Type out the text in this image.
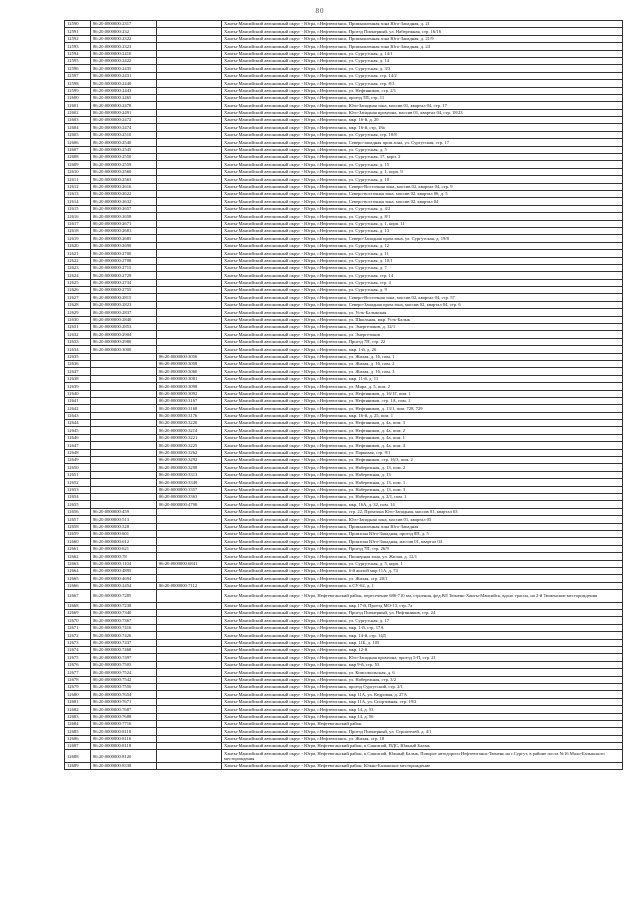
80
12590	86:20:0000000:2317		Ханты-Мансийский автономный округ - Югра, г.Нефтеюганск, Промышленная зона Юго-Западная, д. 21
12591	86:20:0000000:232		Ханты-Мансийский автономный округ - Югра, г.Нефтеюганск, Проезд Пионерный, ул. Набережная, стр. 16/16
12592	86:20:0000000:2322		Ханты-Мансийский автономный округ - Югра, г.Нефтеюганск, Промышленная зона Юго-Западная, д. 21/9
12593	86:20:0000000:2323		Ханты-Мансийский автономный округ - Югра, г.Нефтеюганск, Промышленная зона Юго-Западная, д. 24
12594	86:20:0000000:2410		Ханты-Мансийский автономный округ - Югра, г.Нефтеюганск, ул. Сургутская, д. 14/1
12595	86:20:0000000:2422		Ханты-Мансийский автономный округ - Югра, г.Нефтеюганск, ул. Сургутская, д. 14
12596	86:20:0000000:2435		Ханты-Мансийский автономный округ - Югра, г.Нефтеюганск, ул. Сургутская, д. 3/3
12597	86:20:0000000:2431		Ханты-Мансийский автономный округ - Югра, г.Нефтеюганск, ул. Сургутская, стр. 14/2
12598	86:20:0000000:2440		Ханты-Мансийский автономный округ - Югра, г.Нефтеюганск, ул. Сургутская, стр. 8/3
12599	86:20:0000000:2443		Ханты-Мансийский автономный округ - Югра, г.Нефтеюганск, ул. Нефтяников, стр. 2/1
12600	86:20:0000000:2465		Ханты-Мансийский автономный округ - Югра, г.Нефтеюганск, проезд 5П, стр. 11
12601	86:20:0000000:2478		Ханты-Мансийский автономный округ - Югра, г.Нефтеюганск, Юго-Западная зона, массив 01, квартал 04, стр. 17
12602	86:20:0000000:2491		Ханты-Мансийский автономный округ - Югра, г.Нефтеюганск, Юго-Западная промзона, массив 01, квартал 04, стр. 18/23
12603	86:20:0000000:2472		Ханты-Мансийский автономный округ - Югра, г.Нефтеюганск, мкр. 16-й, д. 20
12604	86:20:0000000:2474		Ханты-Мансийский автономный округ - Югра, г.Нефтеюганск, мкр. 16-й, стр. 18а
12605	86:20:0000000:2510		Ханты-Мансийский автономный округ - Югра, г.Нефтеюганск, ул. Сургутская, стр. 10/8
12606	86:20:0000000:2540		Ханты-Мансийский автономный округ - Югра, г.Нефтеюганск, Северо-западная пром.зона, ул. Сургутская, стр. 17
12607	86:20:0000000:2545		Ханты-Мансийский автономный округ - Югра, г.Нефтеюганск, ул. Сургутская, д. 5
12608	86:20:0000000:2550		Ханты-Мансийский автономный округ - Югра, г.Нефтеюганск, ул. Сургутская, 17, корп. 2
12609	86:20:0000000:2559		Ханты-Мансийский автономный округ - Югра, г.Нефтеюганск, ул. Сургутская, д. 15
12610	86:20:0000000:2560		Ханты-Мансийский автономный округ - Югра, г.Нефтеюганск, ул. Сургутская, д. 1, корп. 9
12611	86:20:0000000:2563		Ханты-Мансийский автономный округ - Югра, г.Нефтеюганск, ул. Сургутская, д. 10
12612	86:20:0000000:2616		Ханты-Мансийский автономный округ - Югра, г.Нефтеюганск, Северо-Восточная зона, массив 02, квартал 04, стр. 9
12613	86:20:0000000:2622		Ханты-Мансийский автономный округ - Югра, г.Нефтеюганск, Северо-восточная зона, массив 02, квартал 06, д. 5
12614	86:20:0000000:2632		Ханты-Мансийский автономный округ - Югра, г.Нефтеюганск, Северо-восточная зона, массив 02, квартал 04
12615	86:20:0000000:2657		Ханты-Мансийский автономный округ - Югра, г.Нефтеюганск, ул. Сургутская, д. 4/2
12616	86:20:0000000:2658		Ханты-Мансийский автономный округ - Югра, г.Нефтеюганск, ул. Сургутская, д. 8/1
12617	86:20:0000000:2671		Ханты-Мансийский автономный округ - Югра, г.Нефтеюганск, ул. Сургутская, д. 1, корп. 11
12618	86:20:0000000:2681		Ханты-Мансийский автономный округ - Югра, г.Нефтеюганск, ул. Сургутская, д. 13
12619	86:20:0000000:2685		Ханты-Мансийский автономный округ - Югра, г.Нефтеюганск, Северо-Западная пром.зона, ул. Сургутская, д. 19/8
12620	86:20:0000000:2690		Ханты-Мансийский автономный округ - Югра, г.Нефтеюганск, ул. Сургутская, д. 12
12621	86:20:0000000:2700		Ханты-Мансийский автономный округ - Югра, г.Нефтеюганск, ул. Сургутская, д. 11
12622	86:20:0000000:2708		Ханты-Мансийский автономный округ - Югра, г.Нефтеюганск, ул. Сургутская, д. 10/1
12623	86:20:0000000:2715		Ханты-Мансийский автономный округ - Югра, г.Нефтеюганск, ул. Сургутская, д. 7
12624	86:20:0000000:2729		Ханты-Мансийский автономный округ - Югра, г.Нефтеюганск, ул. Сургутская, стр. 14
12625	86:20:0000000:2734		Ханты-Мансийский автономный округ - Югра, г.Нефтеюганск, ул. Сургутская, стр. 4
12626	86:20:0000000:2755		Ханты-Мансийский автономный округ - Югра, г.Нефтеюганск, ул. Сургутская, д. 9
12627	86:20:0000000:2815		Ханты-Мансийский автономный округ - Югра, г.Нефтеюганск, Северо-Восточная зона, массив 02, квартал 04, стр. 57
12628	86:20:0000000:2823		Ханты-Мансийский автономный округ - Югра, г.Нефтеюганск, Северо-Западная пром.зона, массив 02, квартал 04, стр. 6
12629	86:20:0000000:2837		Ханты-Мансийский автономный округ - Югра, г.Нефтеюганск, ул. Усть-Балыкская
12630	86:20:0000000:2840		Ханты-Мансийский автономный округ - Югра, г.Нефтеюганск, ул. Школьная, мкр. Усть-Балык
12631	86:20:0000000:2853		Ханты-Мансийский автономный округ - Югра, г.Нефтеюганск, ул. Энергетиков, д. 12/1
12632	86:20:0000000:2904		Ханты-Мансийский автономный округ - Югра, г.Нефтеюганск, ул. Энергетиков
12633	86:20:0000000:2986		Ханты-Мансийский автономный округ - Югра, г.Нефтеюганск, Проезд 7П, стр. 22
12634	86:20:0000000:3000		Ханты-Мансийский автономный округ - Югра, г.Нефтеюганск, мкр. 1-й, д. 26
12635		86:20:0000000:3056	Ханты-Мансийский автономный округ - Югра, г.Нефтеюганск, ул. Жилая, д. 16, пом. 1
12636		86:20:0000000:3058	Ханты-Мансийский автономный округ - Югра, г.Нефтеюганск, ул. Жилая, д. 16, пом. 2
12637		86:20:0000000:3060	Ханты-Мансийский автономный округ - Югра, г.Нефтеюганск, ул. Жилая, д. 16, пом. 3
12638		86:20:0000000:3081	Ханты-Мансийский автономный округ - Югра, г.Нефтеюганск, мкр. 11-й, д. 11
12639		86:20:0000000:3098	Ханты-Мансийский автономный округ - Югра, г.Нефтеюганск, ул. Мира, д. 5, пом. 2
12640		86:20:0000000:3092	Ханты-Мансийский автономный округ - Югра, г.Нефтеюганск, ул. Нефтяников, д. 16/1Г, пом. 1
12641		86:20:0000000:3167	Ханты-Мансийский автономный округ - Югра, г.Нефтеюганск, ул. Нефтяников, стр. 1А, пом. 1
12642		86:20:0000000:3168	Ханты-Мансийский автономный округ - Югра, г.Нефтеюганск, ул. Нефтяников, д. 13/1, пом. 728, 729
12643		86:20:0000000:3176	Ханты-Мансийский автономный округ - Югра, г.Нефтеюганск, мкр. 16-й, д. 25, пом. 1
12644		86:20:0000000:3220	Ханты-Мансийский автономный округ - Югра, г.Нефтеюганск, ул. Нефтяников, д. 4а, пом. 3
12645		86:20:0000000:3214	Ханты-Мансийский автономный округ - Югра, г.Нефтеюганск, ул. Нефтяников, д. 4а, пом. 2
12646		86:20:0000000:3221	Ханты-Мансийский автономный округ - Югра, г.Нефтеюганск, ул. Нефтяников, д. 4а, пом. 1
12647		86:20:0000000:3225	Ханты-Мансийский автономный округ - Югра, г.Нефтеюганск, ул. Нефтяников, д. 4а, пом. 4
12648		86:20:0000000:3262	Ханты-Мансийский автономный округ - Югра, г.Нефтеюганск, ул. Парковая, стр. 9/1
12649		86:20:0000000:3292	Ханты-Мансийский автономный округ - Югра, г.Нефтеюганск, ул. Нефтяников, стр. 16/3, пом. 2
12650		86:20:0000000:3298	Ханты-Мансийский автономный округ - Югра, г.Нефтеюганск, ул. Набережная, д. 13, пом. 2
12651		86:20:0000000:3313	Ханты-Мансийский автономный округ - Югра, г.Нефтеюганск, ул. Набережная, д. 13
12652		86:20:0000000:3349	Ханты-Мансийский автономный округ - Югра, г.Нефтеюганск, ул. Набережная, д. 13, пом. 1
12653		86:20:0000000:3357	Ханты-Мансийский автономный округ - Югра, г.Нефтеюганск, ул. Набережная, д. 13, пом. 3
12654		86:20:0000000:3363	Ханты-Мансийский автономный округ - Югра, г.Нефтеюганск, ул. Набережная, д. 2/1, пом. 1
12655		86:20:0000000:4790	Ханты-Мансийский автономный округ - Югра, г.Нефтеюганск, мкр. 16А, д. 32, пом. 14
12656	86:20:0000000:459		Ханты-Мансийский автономный округ - Югра, г.Нефтеюганск, стр. 22, Промзона Юго-Западная, массив 01, квартал 03
12657	86:20:0000000:513		Ханты-Мансийский автономный округ - Югра, г.Нефтеюганск, Юго-Западная зона, массив 01, квартал 05
12658	86:20:0000000:528		Ханты-Мансийский автономный округ - Югра, г.Нефтеюганск, Промышленная зона Юго-Западная
12659	86:20:0000000:601		Ханты-Мансийский автономный округ - Югра, г.Нефтеюганск, Промзона Юго-Западная, проезд 8П, д. 5
12660	86:20:0000000:612		Ханты-Мансийский автономный округ - Югра, г.Нефтеюганск, Промзона Юго-Западная, массив 01, квартал 04
12661	86:20:0000000:621		Ханты-Мансийский автономный округ - Югра, г.Нефтеюганск, Проезд 7П, стр. 26/9
12662	86:20:0000000:78		Ханты-Мансийский автономный округ - Югра, г.Нефтеюганск, Пионерная зона, ул. Жилая, д. 12/1
12663	86:20:0000000:1104	86:20:0000000:6841	Ханты-Мансийский автономный округ - Югра, г.Нефтеюганск, ул. Сургутская, д. 5, корп. 1
12664	86:20:0000000:4895		Ханты-Мансийский автономный округ - Югра, г.Нефтеюганск, 6-й жилой мкр 11А, д. 74
12665	86:20:0000000:4694		Ханты-Мансийский автономный округ - Югра, г.Нефтеюганск, ул. Жилая, стр. 20/1
12666	86:20:0000000:2454	86:20:0000000:7112	Ханты-Мансийский автономный округ - Югра, г.Нефтеюганск, п.СУ-62, д. 1
12667	86:20:0000000:7285		Ханты-Мансийский автономный округ - Югра, Нефтеюганский район, пересечение 686-710 км, строения, фед.ВЛ Тюмень-Ханты-Мансийск, вдоль трассы, на 2-й Тюменские месторождения
12668	86:20:0000000:7238		Ханты-Мансийский автономный округ - Югра, г.Нефтеюганск, мкр 17-й, Проезд МО-13, стр. 7а
12669	86:20:0000000:7340		Ханты-Мансийский автономный округ - Югра, г.Нефтеюганск, Проезд Пионерный, ул. Нефтяников, стр. 24
12670	86:20:0000000:7367		Ханты-Мансийский автономный округ - Югра, г.Нефтеюганск, ул. Сургутская, д. 17
12671	86:20:0000000:7416		Ханты-Мансийский автономный округ - Югра, г.Нефтеюганск, мкр. 1-й, стр. 17А
12672	86:20:0000000:7426		Ханты-Мансийский автономный округ - Югра, г.Нефтеюганск, мкр. 14-й, стр. 14Д
12673	86:20:0000000:7437		Ханты-Мансийский автономный округ - Югра, г.Нефтеюганск, мкр. 11Б, д. 105
12674	86:20:0000000:7468		Ханты-Мансийский автономный округ - Югра, г.Нефтеюганск, мкр. 12-й
12675	86:20:0000000:7497		Ханты-Мансийский автономный округ - Югра, г.Нефтеюганск, Юго-Западная промзона, проезд 5-П, стр. 21
12676	86:20:0000000:7503		Ханты-Мансийский автономный округ - Югра, г.Нефтеюганск, мкр 9-й, стр. 53
12677	86:20:0000000:7524		Ханты-Мансийский автономный округ - Югра, г.Нефтеюганск, ул. Комсомольская, д. 6
12678	86:20:0000000:7542		Ханты-Мансийский автономный округ - Югра, г.Нефтеюганск, ул. Набережная, стр. 3/2
12679	86:20:0000000:7550		Ханты-Мансийский автономный округ - Югра, г.Нефтеюганск, проезд Сургутский, стр. 2/1
12680	86:20:0000000:7654		Ханты-Мансийский автономный округ - Югра, г.Нефтеюганск, мкр 11А, ул. Кедровая, д. 27А
12681	86:20:0000000:7671		Ханты-Мансийский автономный округ - Югра, г.Нефтеюганск, мкр 11А, ул. Спортивная, стр. 19/2
12682	86:20:0000000:7687		Ханты-Мансийский автономный округ - Югра, г.Нефтеюганск, мкр 14, д. 53
12683	86:20:0000000:7688		Ханты-Мансийский автономный округ - Югра, г.Нефтеюганск, мкр 14, д. 56
12684	86:20:0000000:7716		Ханты-Мансийский автономный округ - Югра, Нефтеюганский район
12685	86:20:0000000:8118		Ханты-Мансийский автономный округ - Югра, г.Нефтеюганск, Проезд Пионерный, ул. Строителей, д. 4/1
12686	86:20:0000000:8116		Ханты-Мансийский автономный округ - Югра, г.Нефтеюганск, ул. Жилая, стр. 18
12687	86:20:0000000:8118		Ханты-Мансийский автономный округ - Югра, Нефтеюганский район, п.Сингапай, ПДС, Южный Балык
12688	86:20:0000000:8120		Ханты-Мансийский автономный округ - Югра, Нефтеюганский район, п.Сингапай, Южный Балык, Поворот автодороги Нефтеюганск-Тюмень на г.Сургут, в районе поста №16 Мало-Балыкского месторождения
12689	86:20:0000000:8338		Ханты-Мансийский автономный округ - Югра, Нефтеюганский район, Южно-Балыкское месторождение
